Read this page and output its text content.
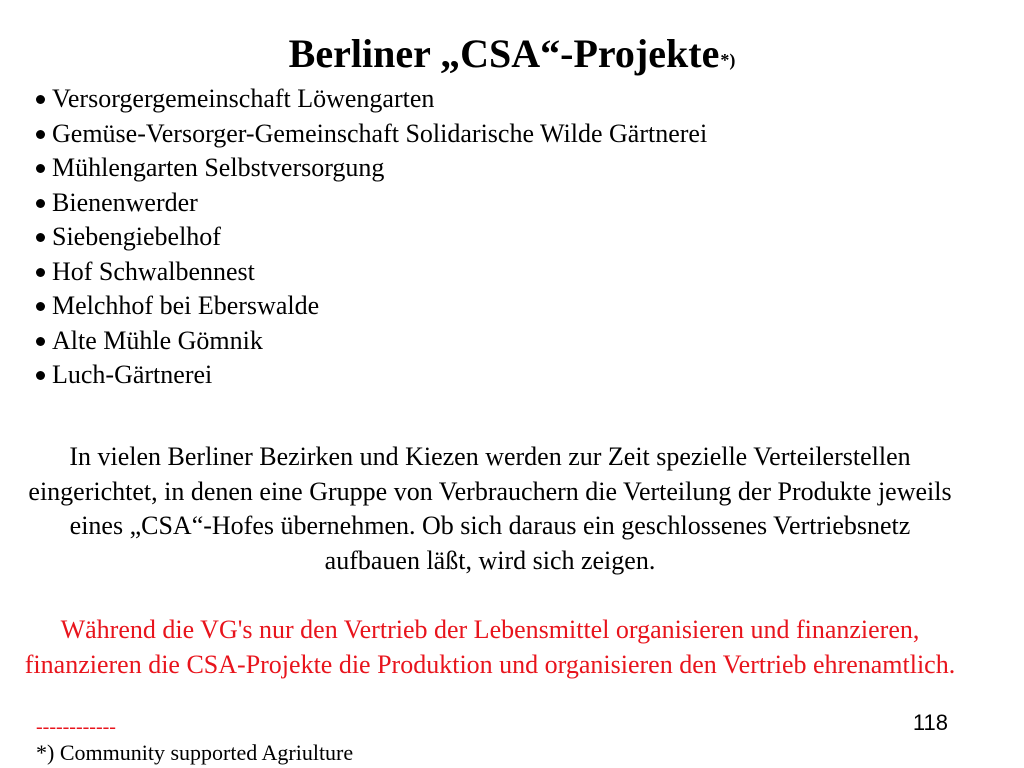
Berliner „CSA“-Projekte*)
Versorgergemeinschaft Löwengarten
Gemüse-Versorger-Gemeinschaft Solidarische Wilde Gärtnerei
Mühlengarten Selbstversorgung
Bienenwerder
Siebengiebelhof
Hof Schwalbennest
Melchhof bei Eberswalde
Alte Mühle Gömnik
Luch-Gärtnerei

In vielen Berliner Bezirken und Kiezen werden zur Zeit spezielle Verteilerstellen eingerichtet, in denen eine Gruppe von Verbrauchern die Verteilung der Produkte jeweils eines „CSA“-Hofes übernehmen. Ob sich daraus ein geschlossenes Vertriebsnetz aufbauen läßt, wird sich zeigen.

Während die VG's nur den Vertrieb der Lebensmittel organisieren und finanzieren, finanzieren die CSA-Projekte die Produktion und organisieren den Vertrieb ehrenamtlich.

------------
*) Community supported Agriulture
118
